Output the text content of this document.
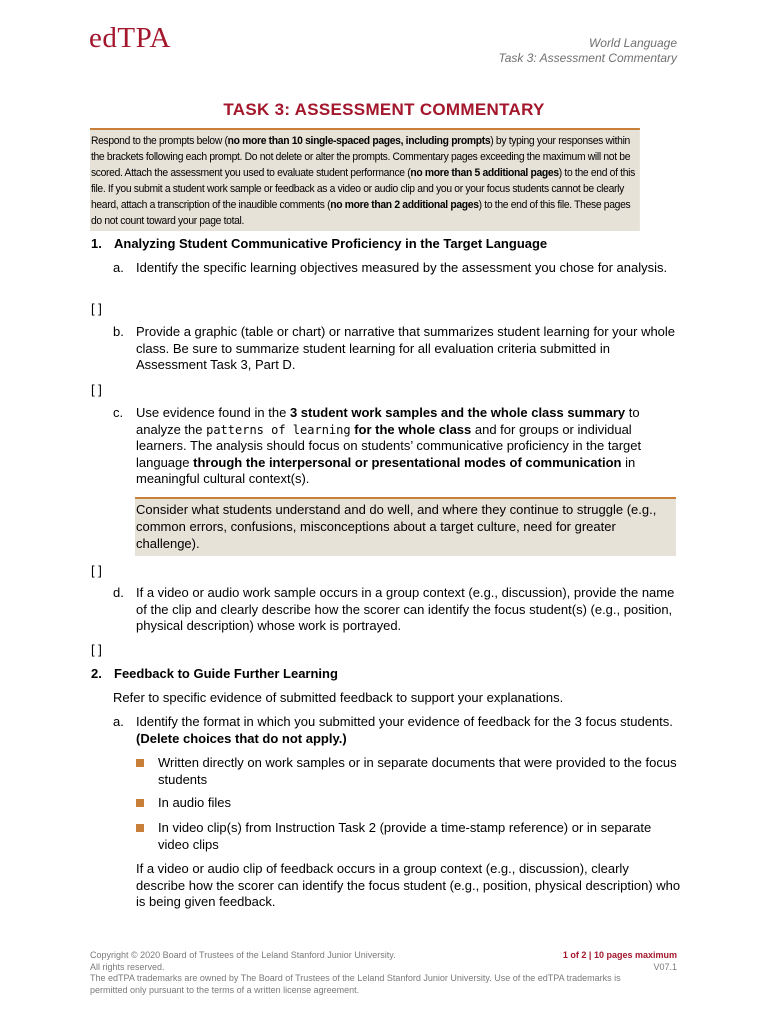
edTPA	World Language
Task 3: Assessment Commentary
TASK 3: ASSESSMENT COMMENTARY
Respond to the prompts below (no more than 10 single-spaced pages, including prompts) by typing your responses within the brackets following each prompt. Do not delete or alter the prompts. Commentary pages exceeding the maximum will not be scored. Attach the assessment you used to evaluate student performance (no more than 5 additional pages) to the end of this file. If you submit a student work sample or feedback as a video or audio clip and you or your focus students cannot be clearly heard, attach a transcription of the inaudible comments (no more than 2 additional pages) to the end of this file. These pages do not count toward your page total.
1. Analyzing Student Communicative Proficiency in the Target Language
a. Identify the specific learning objectives measured by the assessment you chose for analysis.
[ ]
b. Provide a graphic (table or chart) or narrative that summarizes student learning for your whole class. Be sure to summarize student learning for all evaluation criteria submitted in Assessment Task 3, Part D.
[ ]
c. Use evidence found in the 3 student work samples and the whole class summary to analyze the patterns of learning for the whole class and for groups or individual learners. The analysis should focus on students’ communicative proficiency in the target language through the interpersonal or presentational modes of communication in meaningful cultural context(s).
Consider what students understand and do well, and where they continue to struggle (e.g., common errors, confusions, misconceptions about a target culture, need for greater challenge).
[ ]
d. If a video or audio work sample occurs in a group context (e.g., discussion), provide the name of the clip and clearly describe how the scorer can identify the focus student(s) (e.g., position, physical description) whose work is portrayed.
[ ]
2. Feedback to Guide Further Learning
Refer to specific evidence of submitted feedback to support your explanations.
a. Identify the format in which you submitted your evidence of feedback for the 3 focus students. (Delete choices that do not apply.)
Written directly on work samples or in separate documents that were provided to the focus students
In audio files
In video clip(s) from Instruction Task 2 (provide a time-stamp reference) or in separate video clips
If a video or audio clip of feedback occurs in a group context (e.g., discussion), clearly describe how the scorer can identify the focus student (e.g., position, physical description) who is being given feedback.
Copyright © 2020 Board of Trustees of the Leland Stanford Junior University.
All rights reserved.
The edTPA trademarks are owned by The Board of Trustees of the Leland Stanford Junior University. Use of the edTPA trademarks is permitted only pursuant to the terms of a written license agreement.
1 of 2 | 10 pages maximum
V07.1
